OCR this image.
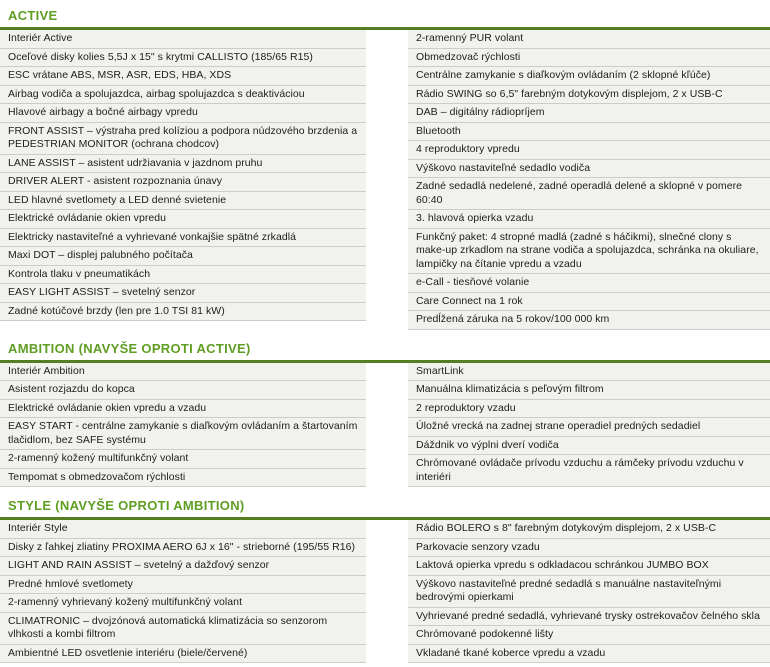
ACTIVE
Interiér Active
Oceľové disky kolies 5,5J x 15" s krytmi CALLISTO (185/65 R15)
ESC vrátane ABS, MSR, ASR, EDS, HBA, XDS
Airbag vodiča a spolujazdca, airbag spolujazdca s deaktiváciou
Hlavové airbagy a bočné airbagy vpredu
FRONT ASSIST – výstraha pred kolíziou a podpora núdzového brzdenia a PEDESTRIAN MONITOR (ochrana chodcov)
LANE ASSIST – asistent udržiavania v jazdnom pruhu
DRIVER ALERT - asistent rozpoznania únavy
LED hlavné svetlomety a LED denné svietenie
Elektrické ovládanie okien vpredu
Elektricky nastaviteľné a vyhrievané vonkajšie spätné zrkadlá
Maxi DOT – displej palubného počítača
Kontrola tlaku v pneumatikách
EASY LIGHT ASSIST – svetelný senzor
Zadné kotúčové brzdy (len pre 1.0 TSI 81 kW)
2-ramenný PUR volant
Obmedzovač rýchlosti
Centrálne zamykanie s diaľkovým ovládaním (2 sklopné kľúče)
Rádio SWING so 6,5" farebným dotykovým displejom, 2 x USB-C
DAB – digitálny rádiopríjem
Bluetooth
4 reproduktory vpredu
Výškovo nastaviteľné sedadlo vodiča
Zadné sedadlá nedelené, zadné operadlá delené a sklopné v pomere 60:40
3. hlavová opierka vzadu
Funkčný paket: 4 stropné madlá (zadné s háčikmi), slnečné clony s make-up zrkadlom na strane vodiča a spolujazdca, schránka na okuliare, lampičky na čítanie vpredu a vzadu
e-Call - tiesňové volanie
Care Connect na 1 rok
Predĺžená záruka na 5 rokov/100 000 km
AMBITION (NAVYŠE OPROTI ACTIVE)
Interiér Ambition
Asistent rozjazdu do kopca
Elektrické ovládanie okien vpredu a vzadu
EASY START - centrálne zamykanie s diaľkovým ovládaním a štartovaním tlačidlom, bez SAFE systému
2-ramenný kožený multifunkčný volant
Tempomat s obmedzovačom rýchlosti
SmartLink
Manuálna klimatizácia s peľovým filtrom
2 reproduktory vzadu
Úložné vrecká na zadnej strane operadiel predných sedadiel
Dáždnik vo výplni dverí vodiča
Chrómované ovládače prívodu vzduchu a rámčeky prívodu vzduchu v interiéri
STYLE (NAVYŠE OPROTI AMBITION)
Interiér Style
Disky z ľahkej zliatiny PROXIMA AERO 6J x 16" - strieborné (195/55 R16)
LIGHT AND RAIN ASSIST – svetelný a dažďový senzor
Predné hmlové svetlomety
2-ramenný vyhrievaný kožený multifunkčný volant
CLIMATRONIC – dvojzónová automatická klimatizácia so senzorom vlhkosti a kombi filtrom
Ambientné LED osvetlenie interiéru (biele/červené)
Rádio BOLERO s 8" farebným dotykovým displejom, 2 x USB-C
Parkovacie senzory vzadu
Laktová opierka vpredu s odkladacou schránkou JUMBO BOX
Výškovo nastaviteľné predné sedadlá s manuálne nastaviteľnými bedrovými opierkami
Vyhrievané predné sedadlá, vyhrievané trysky ostrekovačov čelného skla
Chrómované podokenné lišty
Vkladané tkané koberce vpredu a vzadu
